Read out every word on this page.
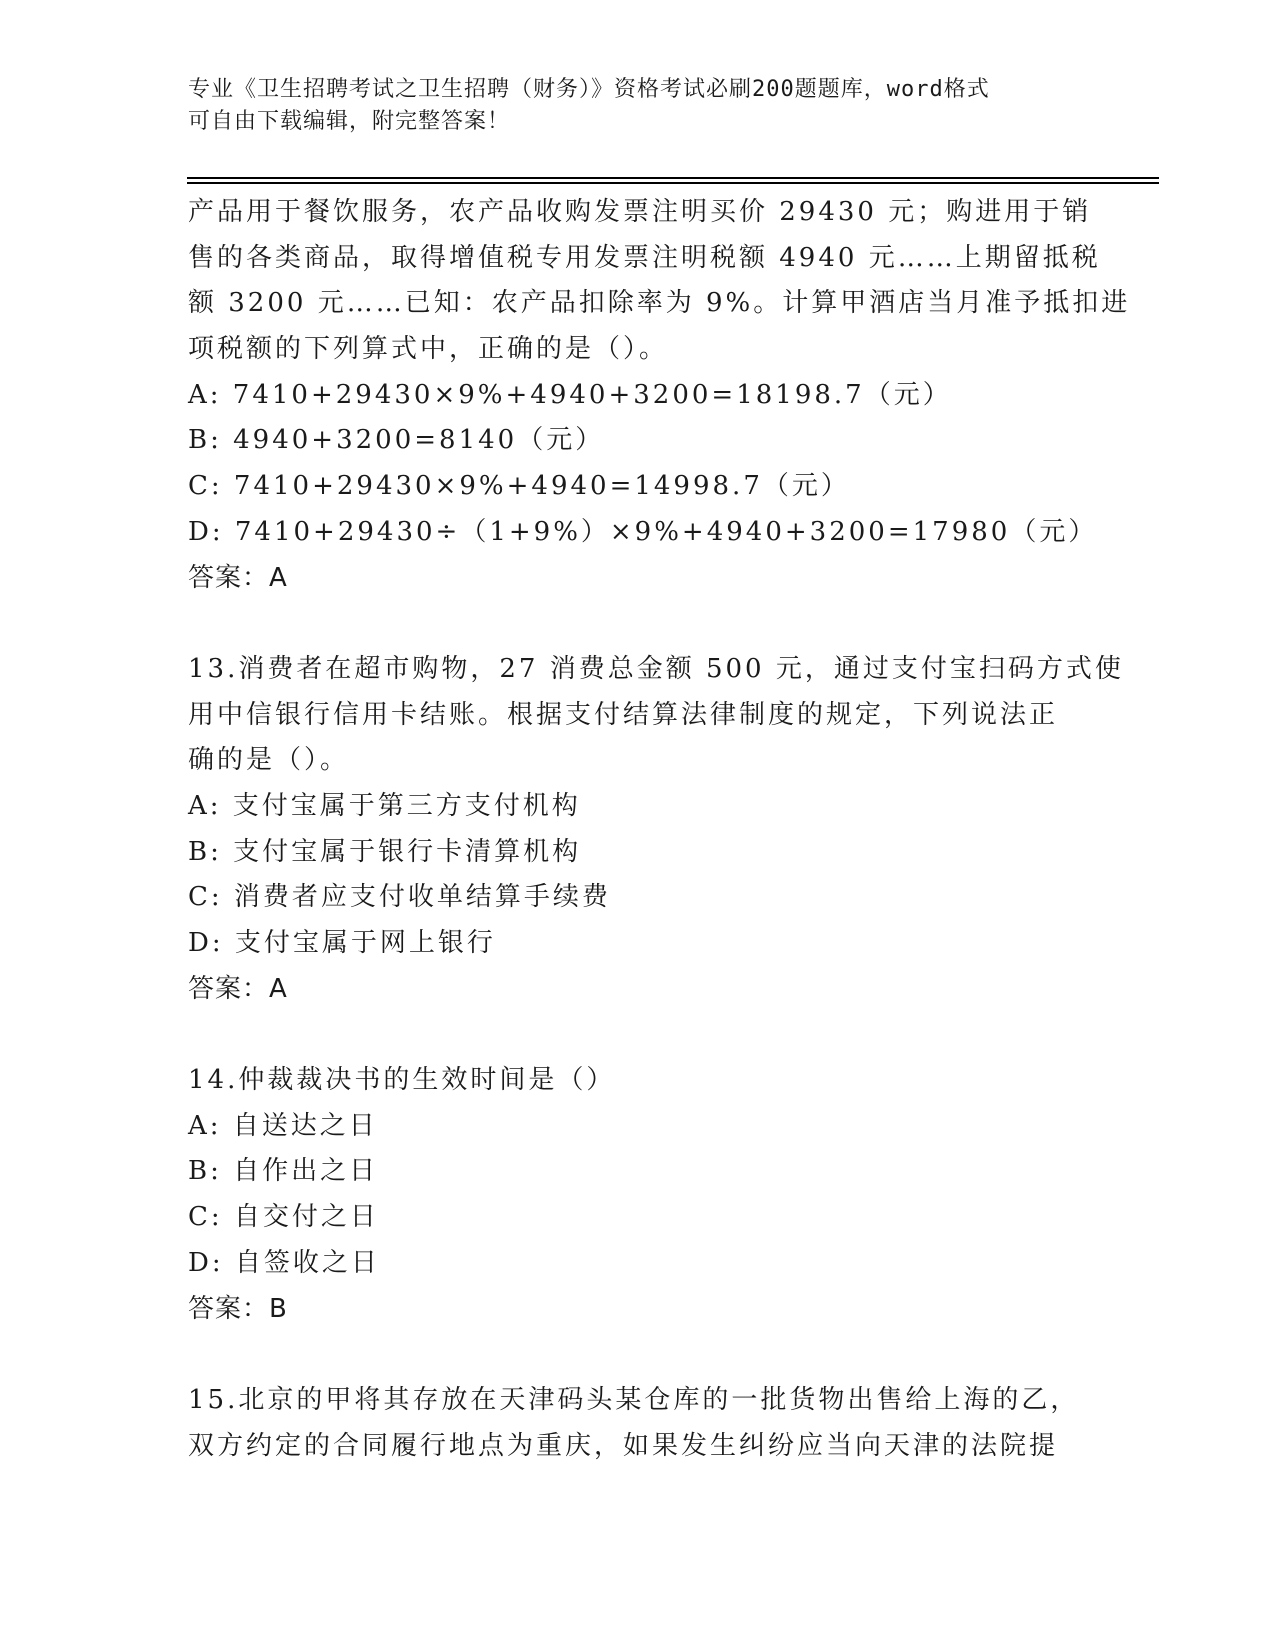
专业《卫生招聘考试之卫生招聘（财务）》资格考试必刷200题题库，word格式
可自由下载编辑，附完整答案！
产品用于餐饮服务，农产品收购发票注明买价 29430 元；购进用于销
售的各类商品，取得增值税专用发票注明税额 4940 元……上期留抵税
额 3200 元……已知：农产品扣除率为 9%。计算甲酒店当月准予抵扣进
项税额的下列算式中，正确的是（）。
A: 7410+29430×9%+4940+3200=18198.7（元）
B: 4940+3200=8140（元）
C: 7410+29430×9%+4940=14998.7（元）
D: 7410+29430÷（1+9%）×9%+4940+3200=17980（元）
答案：A
13.消费者在超市购物，27 消费总金额 500 元，通过支付宝扫码方式使
用中信银行信用卡结账。根据支付结算法律制度的规定，下列说法正
确的是（）。
A: 支付宝属于第三方支付机构
B: 支付宝属于银行卡清算机构
C: 消费者应支付收单结算手续费
D: 支付宝属于网上银行
答案：A
14.仲裁裁决书的生效时间是（）
A: 自送达之日
B: 自作出之日
C: 自交付之日
D: 自签收之日
答案：B
15.北京的甲将其存放在天津码头某仓库的一批货物出售给上海的乙，
双方约定的合同履行地点为重庆，如果发生纠纷应当向天津的法院提
